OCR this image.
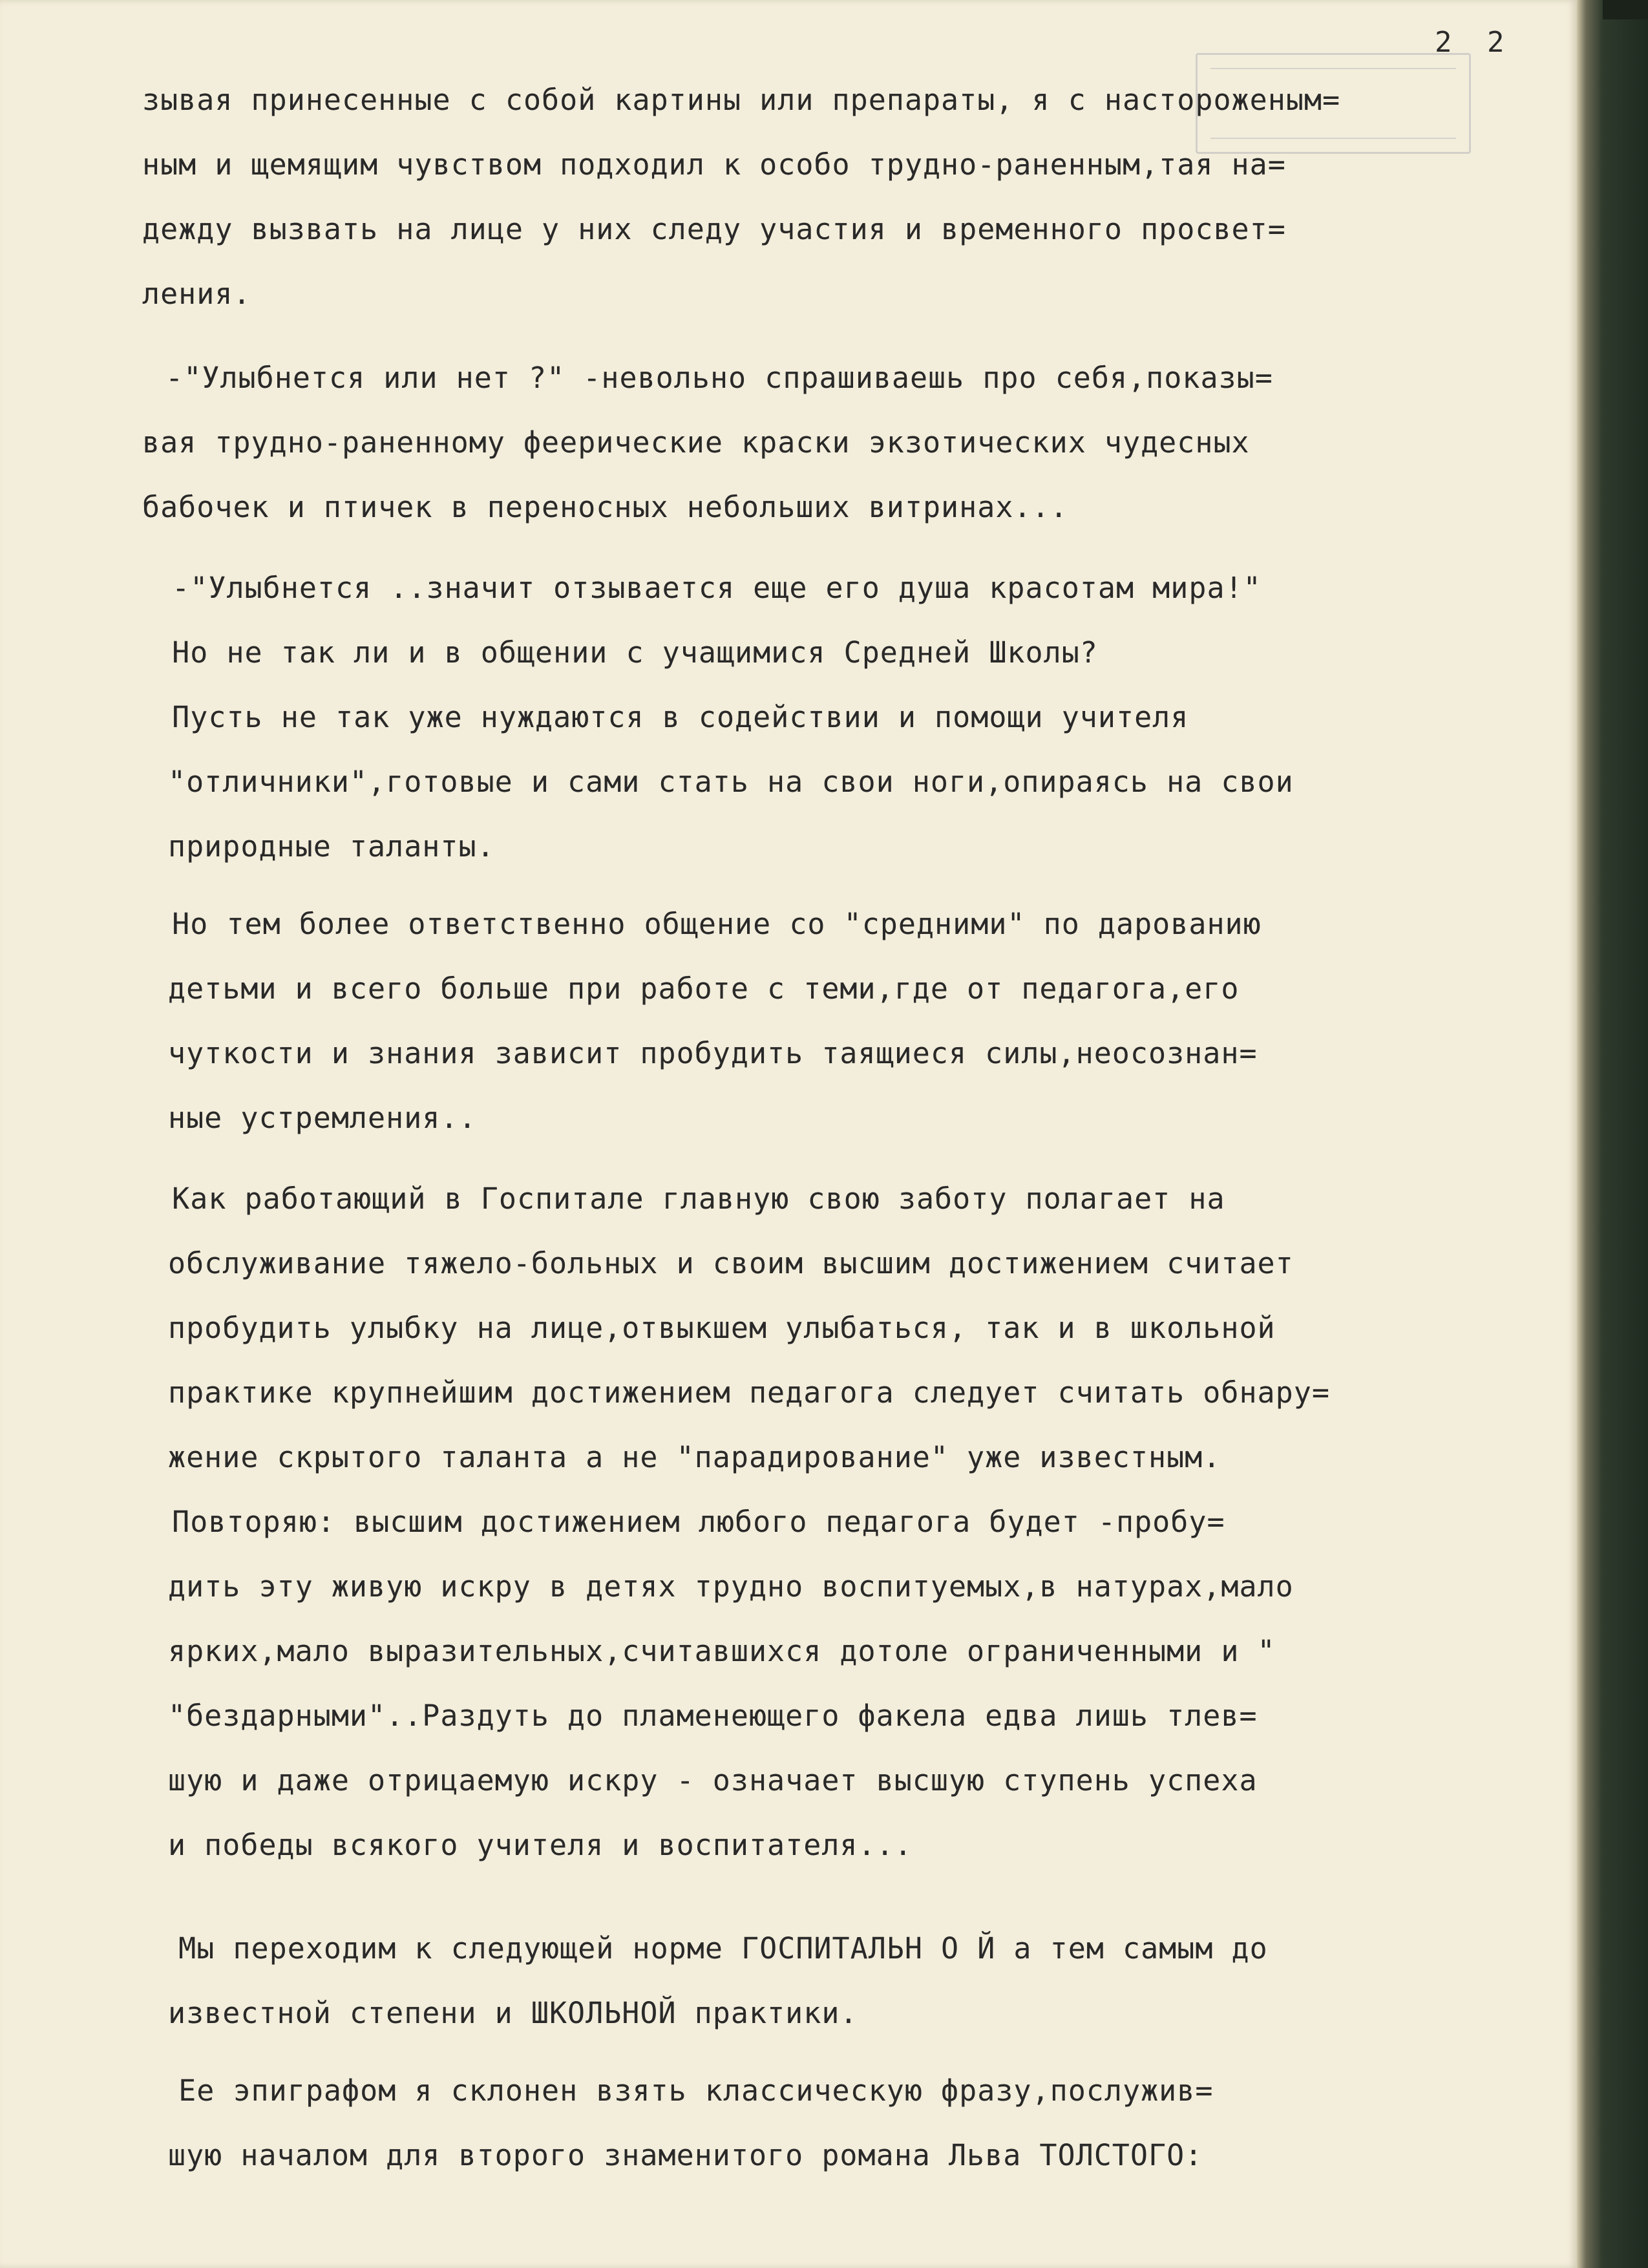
2 2
зывая принесенные с собой картины или препараты, я с настороженым=
ным и щемящим чувством подходил к особо трудно-раненным,тая на=
дежду вызвать на лице у них следу участия и временного просвет=
ления.
-"Улыбнется или нет ?" -невольно спрашиваешь про себя,показы=
вая трудно-раненному феерические краски экзотических чудесных
бабочек и птичек в переносных небольших витринах...
-"Улыбнется ..значит отзывается еще его душа красотам мира!"
Но не так ли и в общении с учащимися Средней Школы?
Пусть не так уже нуждаются в содействии и помощи учителя
"отличники",готовые и сами стать на свои ноги,опираясь на свои
природные таланты.
Но тем более ответственно общение со "средними" по дарованию
детьми и всего больше при работе с теми,где от педагога,его
чуткости и знания зависит пробудить таящиеся силы,неосознан=
ные устремления..
Как работающий в Госпитале главную свою заботу полагает на
обслуживание тяжело-больных и своим высшим достижением считает
пробудить улыбку на лице,отвыкшем улыбаться, так и в школьной
практике крупнейшим достижением педагога следует считать обнару=
жение скрытого таланта а не "парадирование" уже известным.
Повторяю: высшим достижением любого педагога будет -пробу=
дить эту живую искру в детях трудно воспитуемых,в натурах,мало
ярких,мало выразительных,считавшихся дотоле ограниченными и "
"бездарными"..Раздуть до пламенеющего факела едва лишь тлев=
шую и даже отрицаемую искру - означает высшую ступень успеха
и победы всякого учителя и воспитателя...
Мы переходим к следующей норме ГОСПИТАЛЬН О Й а тем самым до
известной степени и ШКОЛЬНОЙ практики.
Ее эпиграфом я склонен взять классическую фразу,послужив=
шую началом для второго знаменитого романа Льва ТОЛСТОГО:
